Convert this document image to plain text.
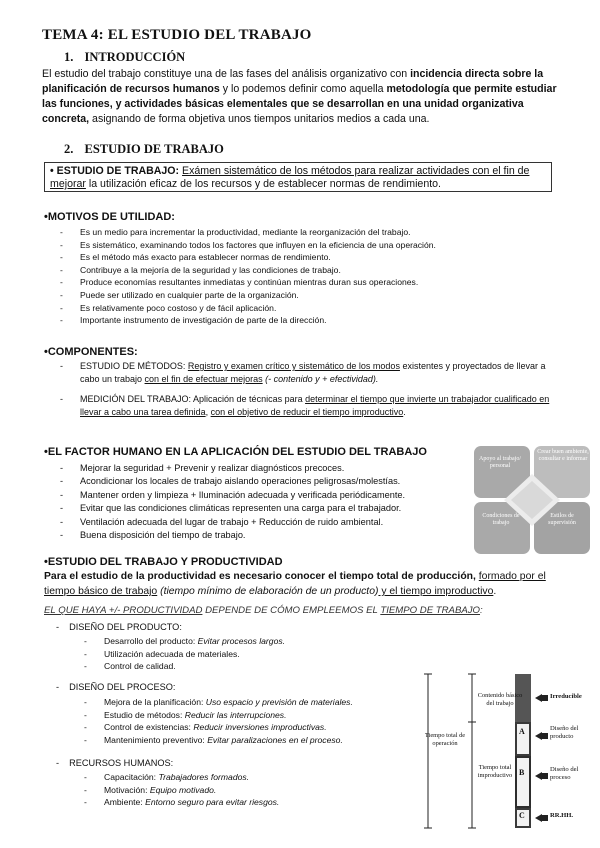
TEMA 4: EL ESTUDIO DEL TRABAJO
1. INTRODUCCIÓN
El estudio del trabajo constituye una de las fases del análisis organizativo con incidencia directa sobre la planificación de recursos humanos y lo podemos definir como aquella metodología que permite estudiar las funciones, y actividades básicas elementales que se desarrollan en una unidad organizativa concreta, asignando de forma objetiva unos tiempos unitarios medios a cada una.
2. ESTUDIO DE TRABAJO
• ESTUDIO DE TRABAJO: Exámen sistemático de los métodos para realizar actividades con el fin de mejorar la utilización eficaz de los recursos y de establecer normas de rendimiento.
•MOTIVOS DE UTILIDAD:
- Es un medio para incrementar la productividad, mediante la reorganización del trabajo.
- Es sistemático, examinando todos los factores que influyen en la eficiencia de una operación.
- Es el método más exacto para establecer normas de rendimiento.
- Contribuye a la mejoría de la seguridad y las condiciones de trabajo.
- Produce economías resultantes inmediatas y continúan mientras duran sus operaciones.
- Puede ser utilizado en cualquier parte de la organización.
- Es relativamente poco costoso y de fácil aplicación.
- Importante instrumento de investigación de parte de la dirección.
•COMPONENTES:
- ESTUDIO DE MÉTODOS: Registro y examen crítico y sistemático de los modos existentes y proyectados de llevar a cabo un trabajo con el fin de efectuar mejoras (- contenido y + efectividad).
- MEDICIÓN DEL TRABAJO: Aplicación de técnicas para determinar el tiempo que invierte un trabajador cualificado en llevar a cabo una tarea definida, con el objetivo de reducir el tiempo improductivo.
•EL FACTOR HUMANO EN LA APLICACIÓN DEL ESTUDIO DEL TRABAJO
- Mejorar la seguridad + Prevenir y realizar diagnósticos precoces.
- Acondicionar los locales de trabajo aislando operaciones peligrosas/molestías.
- Mantener orden y limpieza + Iluminación adecuada y verificada periódicamente.
- Evitar que las condiciones climáticas representen una carga para el trabajador.
- Ventilación adecuada del lugar de trabajo + Reducción de ruido ambiental.
- Buena disposición del tiempo de trabajo.
Apoyo al trabajo/ personal
Crear buen ambiente, consultar e informar
Condiciones de trabajo
Estilos de supervisión
•ESTUDIO DEL TRABAJO Y PRODUCTIVIDAD
Para el estudio de la productividad es necesario conocer el tiempo total de producción, formado por el tiempo básico de trabajo (tiempo mínimo de elaboración de un producto) y el tiempo improductivo.
EL QUE HAYA +/- PRODUCTIVIDAD DEPENDE DE CÓMO EMPLEEMOS EL TIEMPO DE TRABAJO:
- DISEÑO DEL PRODUCTO:
- Desarrollo del producto: Evitar procesos largos.
- Utilización adecuada de materiales.
- Control de calidad.
- DISEÑO DEL PROCESO:
- Mejora de la planificación: Uso espacio y previsión de materiales.
- Estudio de métodos: Reducir las interrupciones.
- Control de existencias: Reducir inversiones improductivas.
- Mantenimiento preventivo: Evitar paralizaciones en el proceso.
- RECURSOS HUMANOS:
- Capacitación: Trabajadores formados.
- Motivación: Equipo motivado.
- Ambiente: Entorno seguro para evitar riesgos.
Contenido básico del trabajo
Tiempo total de operación
Tiempo total improductivo
A
B
C
Irreducible
Diseño del producto
Diseño del proceso
RR.HH.
